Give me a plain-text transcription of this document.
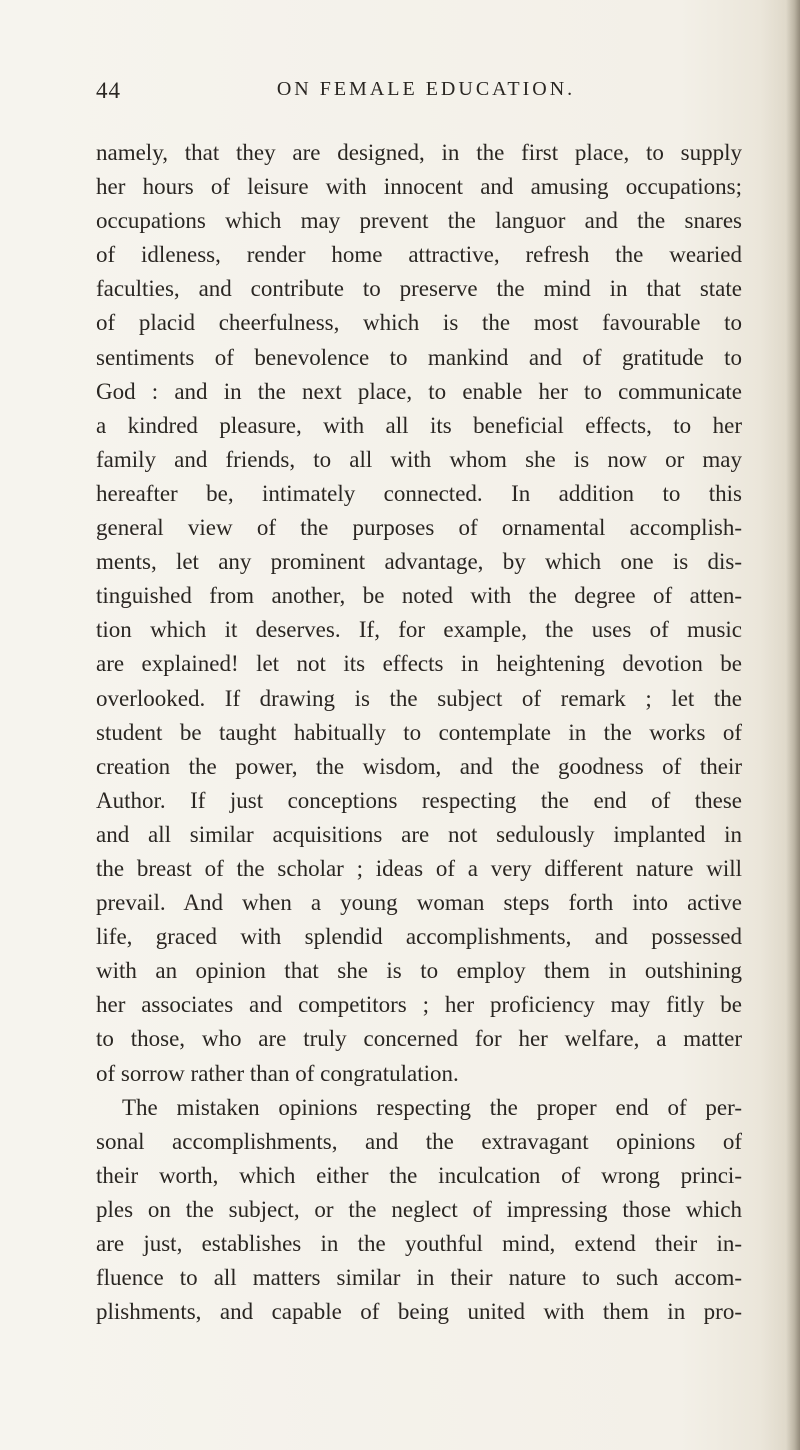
44	ON FEMALE EDUCATION.
namely, that they are designed, in the first place, to supply
her hours of leisure with innocent and amusing occupations;
occupations which may prevent the languor and the snares
of idleness, render home attractive, refresh the wearied
faculties, and contribute to preserve the mind in that state
of placid cheerfulness, which is the most favourable to
sentiments of benevolence to mankind and of gratitude to
God : and in the next place, to enable her to communicate
a kindred pleasure, with all its beneficial effects, to her
family and friends, to all with whom she is now or may
hereafter be, intimately connected. In addition to this
general view of the purposes of ornamental accomplish-
ments, let any prominent advantage, by which one is dis-
tinguished from another, be noted with the degree of atten-
tion which it deserves. If, for example, the uses of music
are explained! let not its effects in heightening devotion be
overlooked. If drawing is the subject of remark ; let the
student be taught habitually to contemplate in the works of
creation the power, the wisdom, and the goodness of their
Author. If just conceptions respecting the end of these
and all similar acquisitions are not sedulously implanted in
the breast of the scholar ; ideas of a very different nature will
prevail. And when a young woman steps forth into active
life, graced with splendid accomplishments, and possessed
with an opinion that she is to employ them in outshining
her associates and competitors ; her proficiency may fitly be
to those, who are truly concerned for her welfare, a matter
of sorrow rather than of congratulation.
The mistaken opinions respecting the proper end of per-
sonal accomplishments, and the extravagant opinions of
their worth, which either the inculcation of wrong princi-
ples on the subject, or the neglect of impressing those which
are just, establishes in the youthful mind, extend their in-
fluence to all matters similar in their nature to such accom-
plishments, and capable of being united with them in pro-
